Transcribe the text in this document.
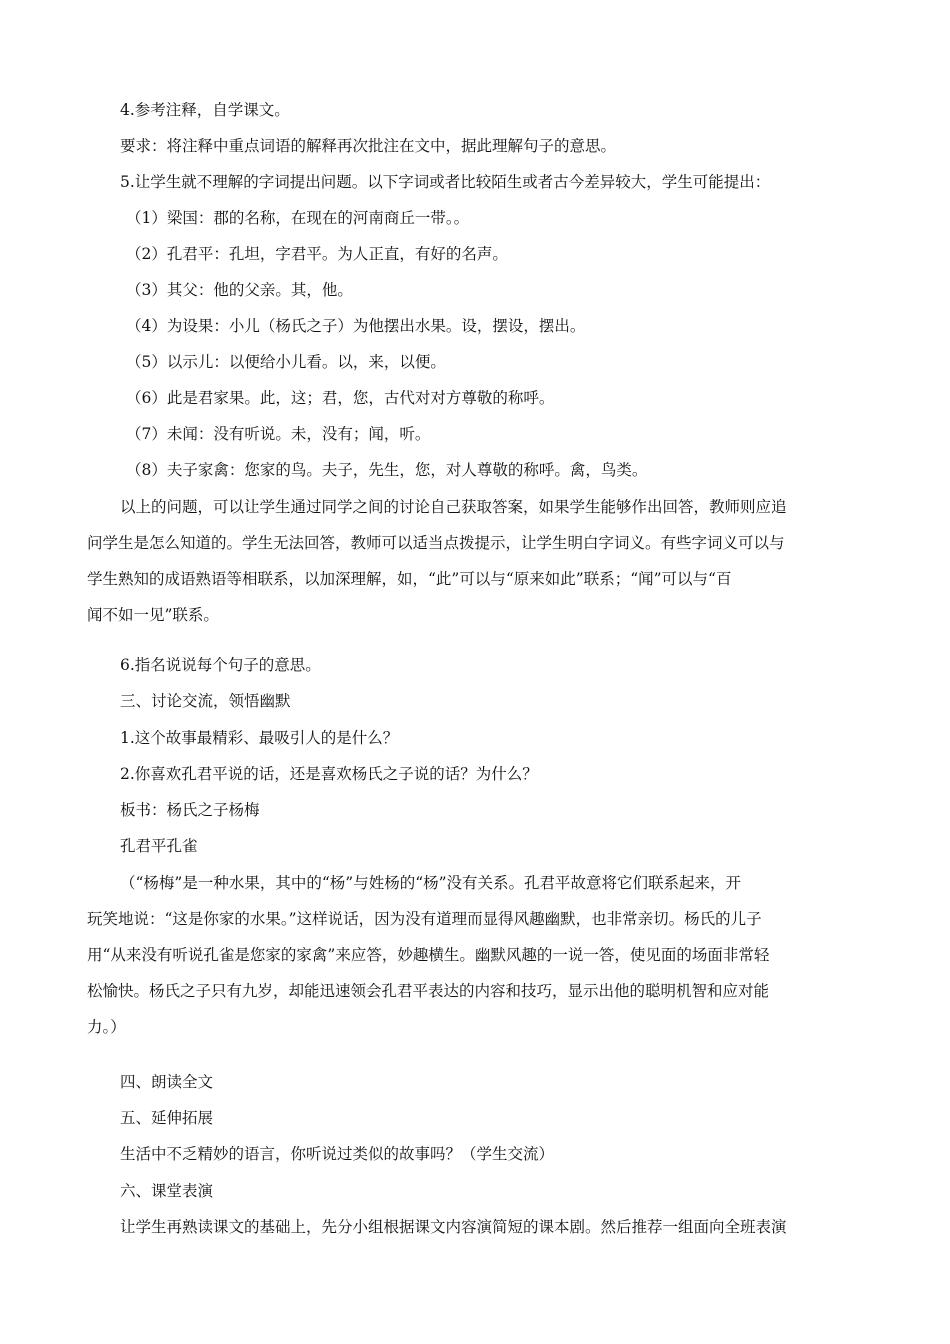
4.参考注释，自学课文。
要求：将注释中重点词语的解释再次批注在文中，据此理解句子的意思。
5.让学生就不理解的字词提出问题。以下字词或者比较陌生或者古今差异较大，学生可能提出：
（1）梁国：郡的名称，在现在的河南商丘一带。。
（2）孔君平：孔坦，字君平。为人正直，有好的名声。
（3）其父：他的父亲。其，他。
（4）为设果：小儿（杨氏之子）为他摆出水果。设，摆设，摆出。
（5）以示儿：以便给小儿看。以，来，以便。
（6）此是君家果。此，这；君，您，古代对对方尊敬的称呼。
（7）未闻：没有听说。未，没有；闻，听。
（8）夫子家禽：您家的鸟。夫子，先生，您，对人尊敬的称呼。禽，鸟类。
以上的问题，可以让学生通过同学之间的讨论自己获取答案，如果学生能够作出回答，教师则应追
问学生是怎么知道的。学生无法回答，教师可以适当点拨提示，让学生明白字词义。有些字词义可以与
学生熟知的成语熟语等相联系，以加深理解，如，“此”可以与“原来如此”联系；“闻”可以与“百
闻不如一见”联系。
6.指名说说每个句子的意思。
三、讨论交流，领悟幽默
1.这个故事最精彩、最吸引人的是什么？
2.你喜欢孔君平说的话，还是喜欢杨氏之子说的话？为什么？
板书：杨氏之子杨梅
孔君平孔雀
（“杨梅”是一种水果，其中的“杨”与姓杨的“杨”没有关系。孔君平故意将它们联系起来，开
玩笑地说：“这是你家的水果。”这样说话，因为没有道理而显得风趣幽默，也非常亲切。杨氏的儿子
用“从来没有听说孔雀是您家的家禽”来应答，妙趣横生。幽默风趣的一说一答，使见面的场面非常轻
松愉快。杨氏之子只有九岁，却能迅速领会孔君平表达的内容和技巧，显示出他的聪明机智和应对能
力。）
四、朗读全文
五、延伸拓展
生活中不乏精妙的语言，你听说过类似的故事吗？（学生交流）
六、课堂表演
让学生再熟读课文的基础上，先分小组根据课文内容演简短的课本剧。然后推荐一组面向全班表演
